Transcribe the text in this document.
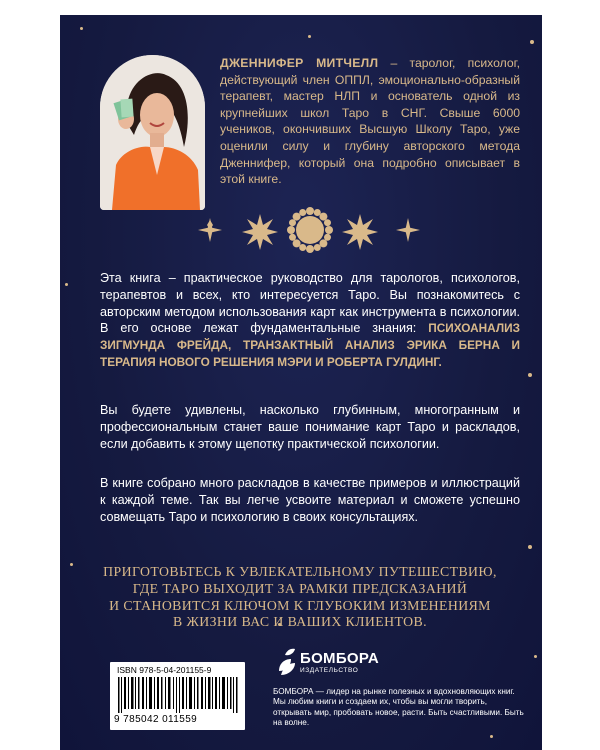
ДЖЕННИФЕР МИТЧЕЛЛ – таролог, психолог, действующий член ОППЛ, эмоционально-образный терапевт, мастер НЛП и основатель одной из крупнейших школ Таро в СНГ. Свыше 6000 учеников, окончивших Высшую Школу Таро, уже оценили силу и глубину авторского метода Дженнифер, который она подробно описывает в этой книге.
Эта книга – практическое руководство для тарологов, психологов, терапевтов и всех, кто интересуется Таро. Вы познакомитесь с авторским методом использования карт как инструмента в психологии. В его основе лежат фундаментальные знания: ПСИХОАНАЛИЗ ЗИГМУНДА ФРЕЙДА, ТРАНЗАКТНЫЙ АНАЛИЗ ЭРИКА БЕРНА И ТЕРАПИЯ НОВОГО РЕШЕНИЯ МЭРИ И РОБЕРТА ГУЛДИНГ.
Вы будете удивлены, насколько глубинным, многогранным и профессиональным станет ваше понимание карт Таро и раскладов, если добавить к этому щепотку практической психологии.
В книге собрано много раскладов в качестве примеров и иллюстраций к каждой теме. Так вы легче усвоите материал и сможете успешно совмещать Таро и психологию в своих консультациях.
ПРИГОТОВЬТЕСЬ К УВЛЕКАТЕЛЬНОМУ ПУТЕШЕСТВИЮ,
ГДЕ ТАРО ВЫХОДИТ ЗА РАМКИ ПРЕДСКАЗАНИЙ
И СТАНОВИТСЯ КЛЮЧОМ К ГЛУБОКИМ ИЗМЕНЕНИЯМ
В ЖИЗНИ ВАС И ВАШИХ КЛИЕНТОВ.
ISBN 978-5-04-201155-9
9 785042 011559
БОМБОРА
ИЗДАТЕЛЬСТВО
БОМБОРА — лидер на рынке полезных и вдохновляющих книг. Мы любим книги и создаем их, чтобы вы могли творить, открывать мир, пробовать новое, расти. Быть счастливыми. Быть на волне.
